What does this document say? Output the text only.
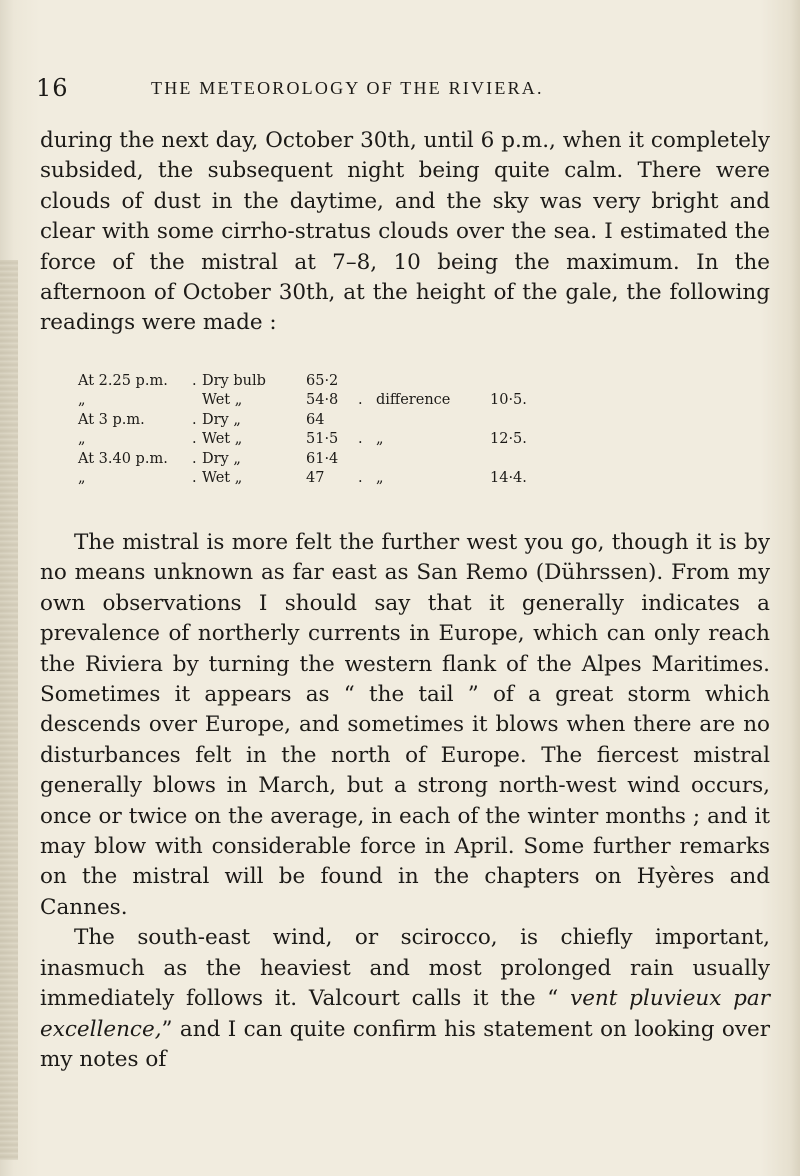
16	THE METEOROLOGY OF THE RIVIERA.

during the next day, October 30th, until 6 p.m., when it completely subsided, the subsequent night being quite calm. There were clouds of dust in the daytime, and the sky was very bright and clear with some cirrho-stratus clouds over the sea. I estimated the force of the mistral at 7–8, 10 being the maximum. In the afternoon of October 30th, at the height of the gale, the following readings were made :

At 2.25 p.m. . Dry bulb	65·2
„	Wet „	54·8 . difference	10·5.
At 3 p.m.	. Dry „	64
„	. Wet „	51·5 . „	12·5.
At 3.40 p.m. . Dry „	61·4
„	. Wet „	47 . „	14·4.

The mistral is more felt the further west you go, though it is by no means unknown as far east as San Remo (Dührssen). From my own observations I should say that it generally indicates a prevalence of northerly currents in Europe, which can only reach the Riviera by turning the western flank of the Alpes Maritimes. Sometimes it appears as “ the tail ” of a great storm which descends over Europe, and sometimes it blows when there are no disturbances felt in the north of Europe. The fiercest mistral generally blows in March, but a strong north-west wind occurs, once or twice on the average, in each of the winter months ; and it may blow with considerable force in April. Some further remarks on the mistral will be found in the chapters on Hyères and Cannes.

The south-east wind, or scirocco, is chiefly important, inasmuch as the heaviest and most prolonged rain usually immediately follows it. Valcourt calls it the “ vent pluvieux par excellence,” and I can quite confirm his statement on looking over my notes of
